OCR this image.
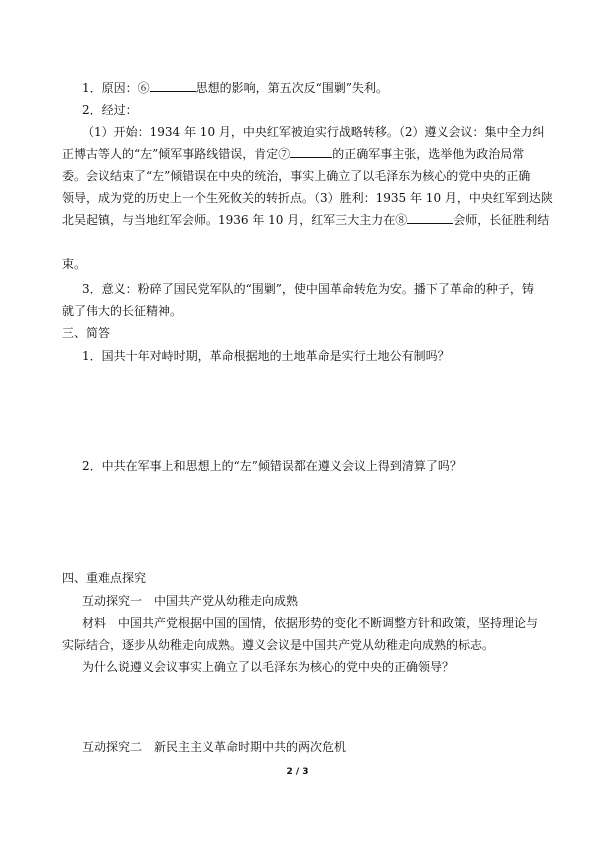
1．原因：⑥	思想的影响，第五次反“围剿”失利。
2．经过：
（1）开始：1934 年 10 月，中央红军被迫实行战略转移。（2）遵义会议：集中全力纠
正博古等人的“左”倾军事路线错误，肯定⑦	的正确军事主张，选举他为政治局常
委。会议结束了“左”倾错误在中央的统治，事实上确立了以毛泽东为核心的党中央的正确
领导，成为党的历史上一个生死攸关的转折点。（3）胜利：1935 年 10 月，中央红军到达陕
北吴起镇，与当地红军会师。1936 年 10 月，红军三大主力在⑧	会师，长征胜利结
束。
3．意义：粉碎了国民党军队的“围剿”，使中国革命转危为安。播下了革命的种子，铸
就了伟大的长征精神。
三、简答
1．国共十年对峙时期，革命根据地的土地革命是实行土地公有制吗？
2．中共在军事上和思想上的“左”倾错误都在遵义会议上得到清算了吗？
四、重难点探究
互动探究一　中国共产党从幼稚走向成熟
材料　中国共产党根据中国的国情，依据形势的变化不断调整方针和政策，坚持理论与
实际结合，逐步从幼稚走向成熟。遵义会议是中国共产党从幼稚走向成熟的标志。
为什么说遵义会议事实上确立了以毛泽东为核心的党中央的正确领导？
互动探究二　新民主主义革命时期中共的两次危机
2 / 3
